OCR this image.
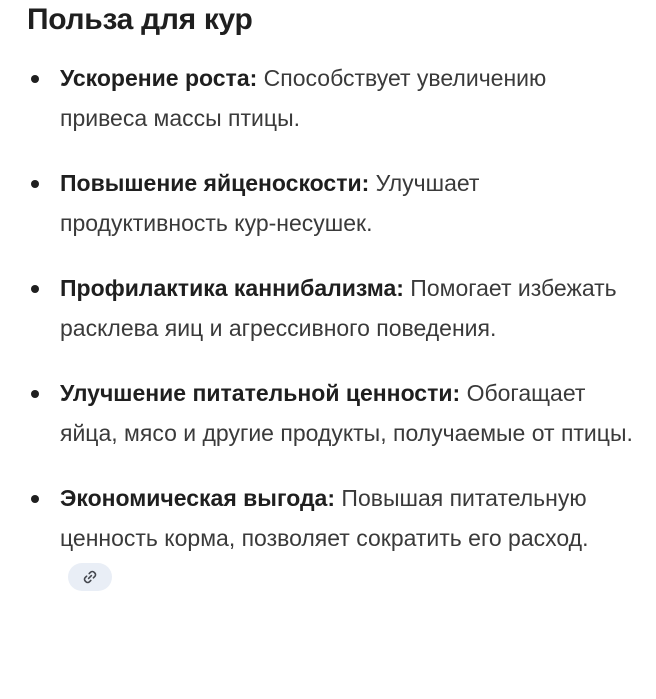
Польза для кур
Ускорение роста: Способствует увеличению привеса массы птицы.
Повышение яйценоскости: Улучшает продуктивность кур-несушек.
Профилактика каннибализма: Помогает избежать расклева яиц и агрессивного поведения.
Улучшение питательной ценности: Обогащает яйца, мясо и другие продукты, получаемые от птицы.
Экономическая выгода: Повышая питательную ценность корма, позволяет сократить его расход.
